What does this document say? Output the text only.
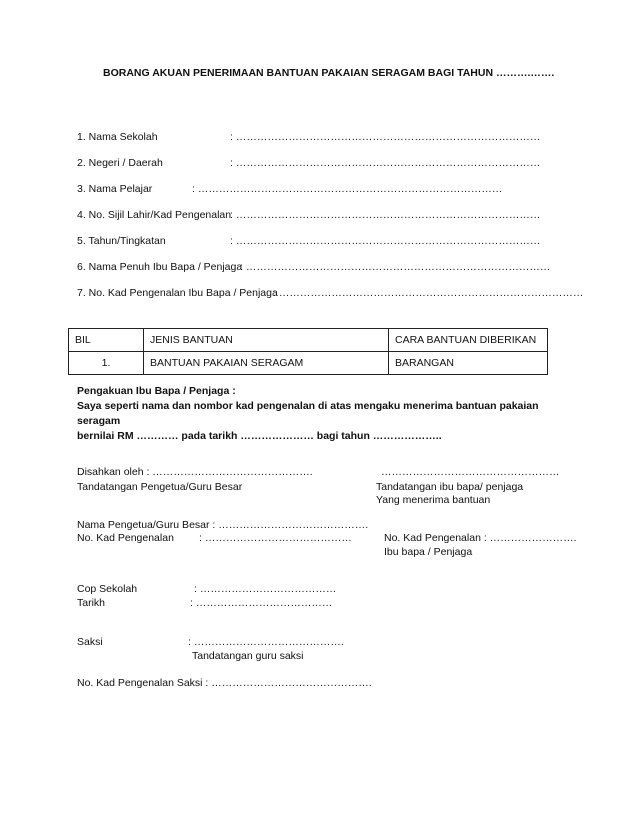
BORANG AKUAN PENERIMAAN BANTUAN PAKAIAN SERAGAM BAGI TAHUN ……….…….
1. Nama Sekolah	: ……………………………………………………………………………
2. Negeri / Daerah	: ……………………………………………………………………………
3. Nama Pelajar	: ……………………………………………………………………………
4. No. Sijil Lahir/Kad Pengenalan
: ……………………………………………………………………………
5. Tahun/Tingkatan	: ……………………………………………………………………………
6. Nama Penuh Ibu Bapa / Penjaga
: ……………………………………………………………………………
7. No. Kad Pengenalan Ibu Bapa / Penjaga
: ……………………………………………………………………………
BIL	JENIS BANTUAN	CARA BANTUAN DIBERIKAN
1.	BANTUAN PAKAIAN SERAGAM	BARANGAN

Pengakuan Ibu Bapa / Penjaga :

Saya seperti nama dan nombor kad pengenalan di atas mengaku menerima bantuan pakaian seragam

bernilai RM ………… pada tarikh ………………… bagi tahun ………………..

Disahkan oleh : ……………………………………….
Tandatangan Pengetua/Guru Besar
……………………………………………
Tandatangan ibu bapa/ penjaga
Yang menerima bantuan
Nama Pengetua/Guru Besar : …………………………………….
No. Kad Pengenalan : ……………………………………	No. Kad Pengenalan : …………………….
Ibu bapa / Penjaga
Cop Sekolah	: …………………………………
Tarikh	: …………………………………
Saksi	: …………………………………….
Tandatangan guru saksi
No. Kad Pengenalan Saksi : ……………………………………….
